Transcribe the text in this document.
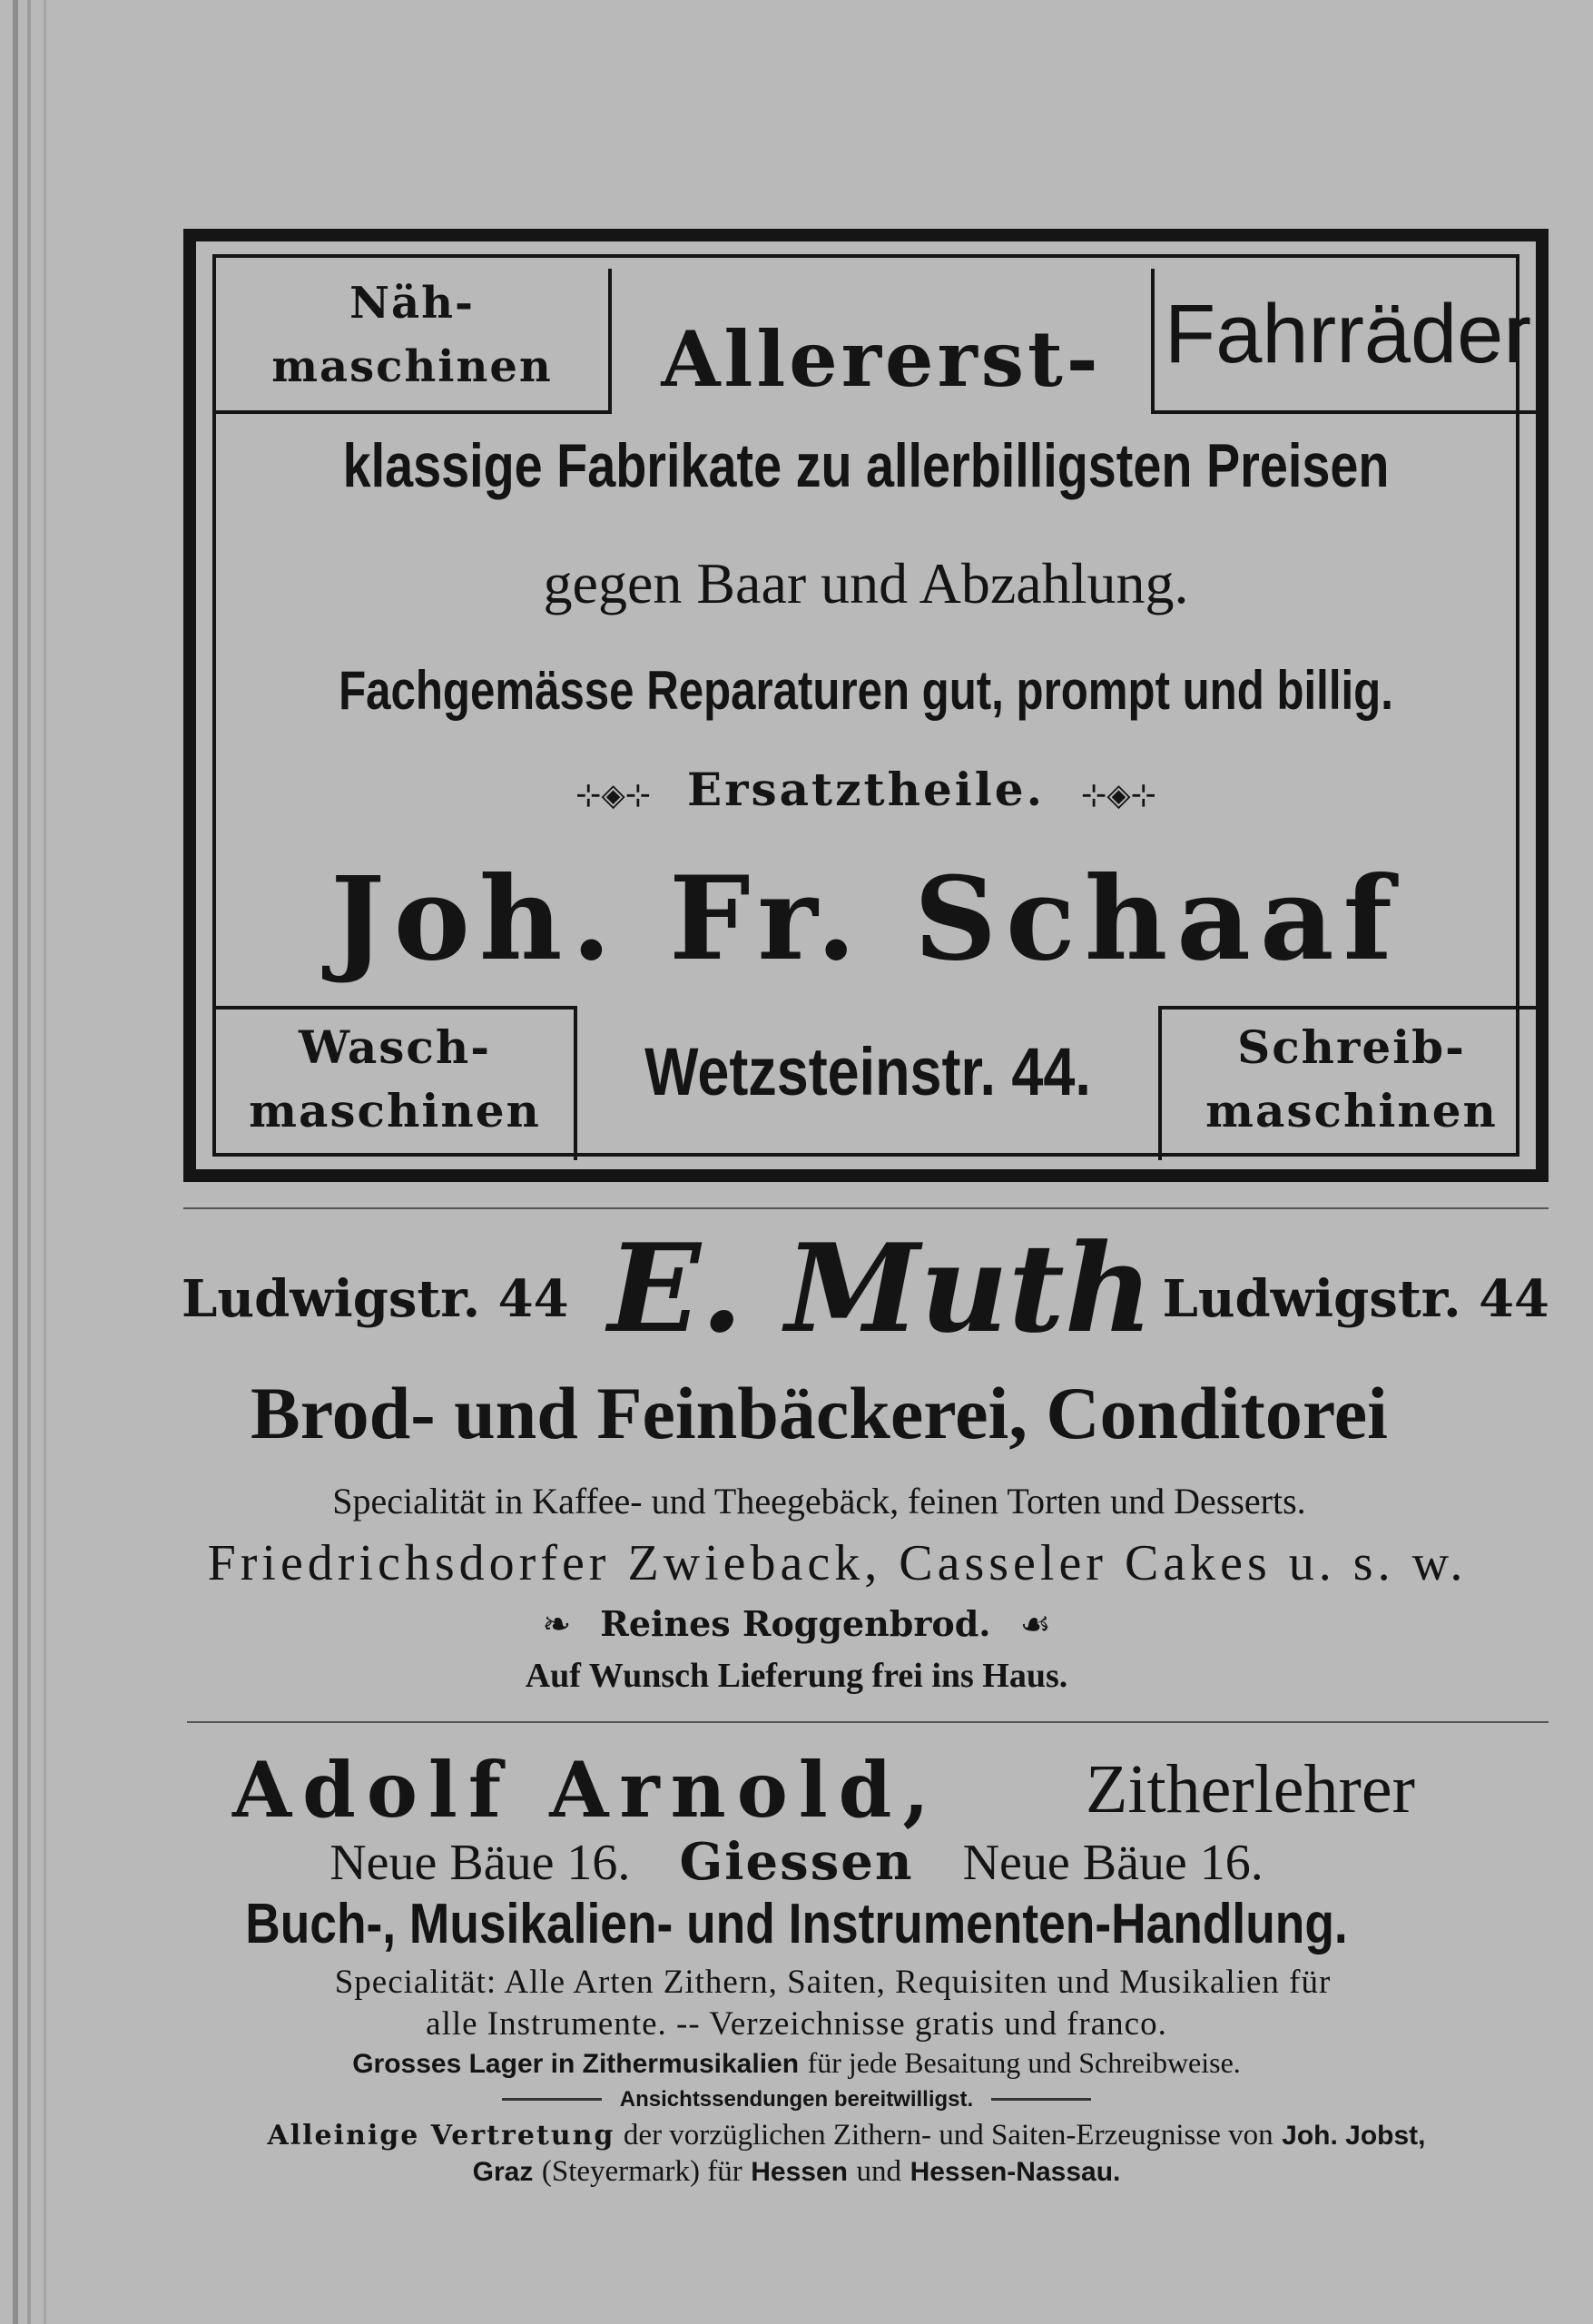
Näh-
maschinen	Allererst- Fahrräder
klassige Fabrikate zu allerbilligsten Preisen
gegen Baar und Abzahlung.
Fachgemässe Reparaturen gut, prompt und billig.
⊹◈⊹ Ersatztheile. ⊹◈⊹
Joh. Fr. Schaaf
Wasch-
maschinen
Wetzsteinstr. 44.	Schreib-
maschinen
Ludwigstr. 44 E. Muth Ludwigstr. 44
Brod- und Feinbäckerei, Conditorei
Specialität in Kaffee- und Theegebäck, feinen Torten und Desserts.
Friedrichsdorfer Zwieback, Casseler Cakes u. s. w.
❧ Reines Roggenbrod. ☙
Auf Wunsch Lieferung frei ins Haus.
Adolf Arnold, Zitherlehrer
Neue Bäue 16. Giessen Neue Bäue 16.
Buch-, Musikalien- und Instrumenten-Handlung.
Specialität: Alle Arten Zithern, Saiten, Requisiten und Musikalien für
alle Instrumente. -- Verzeichnisse gratis und franco.
Grosses Lager in Zithermusikalien für jede Besaitung und Schreibweise.
Ansichtssendungen bereitwilligst.
Alleinige Vertretung der vorzüglichen Zithern- und Saiten-Erzeugnisse von Joh. Jobst,
Graz (Steyermark) für Hessen und Hessen-Nassau.
